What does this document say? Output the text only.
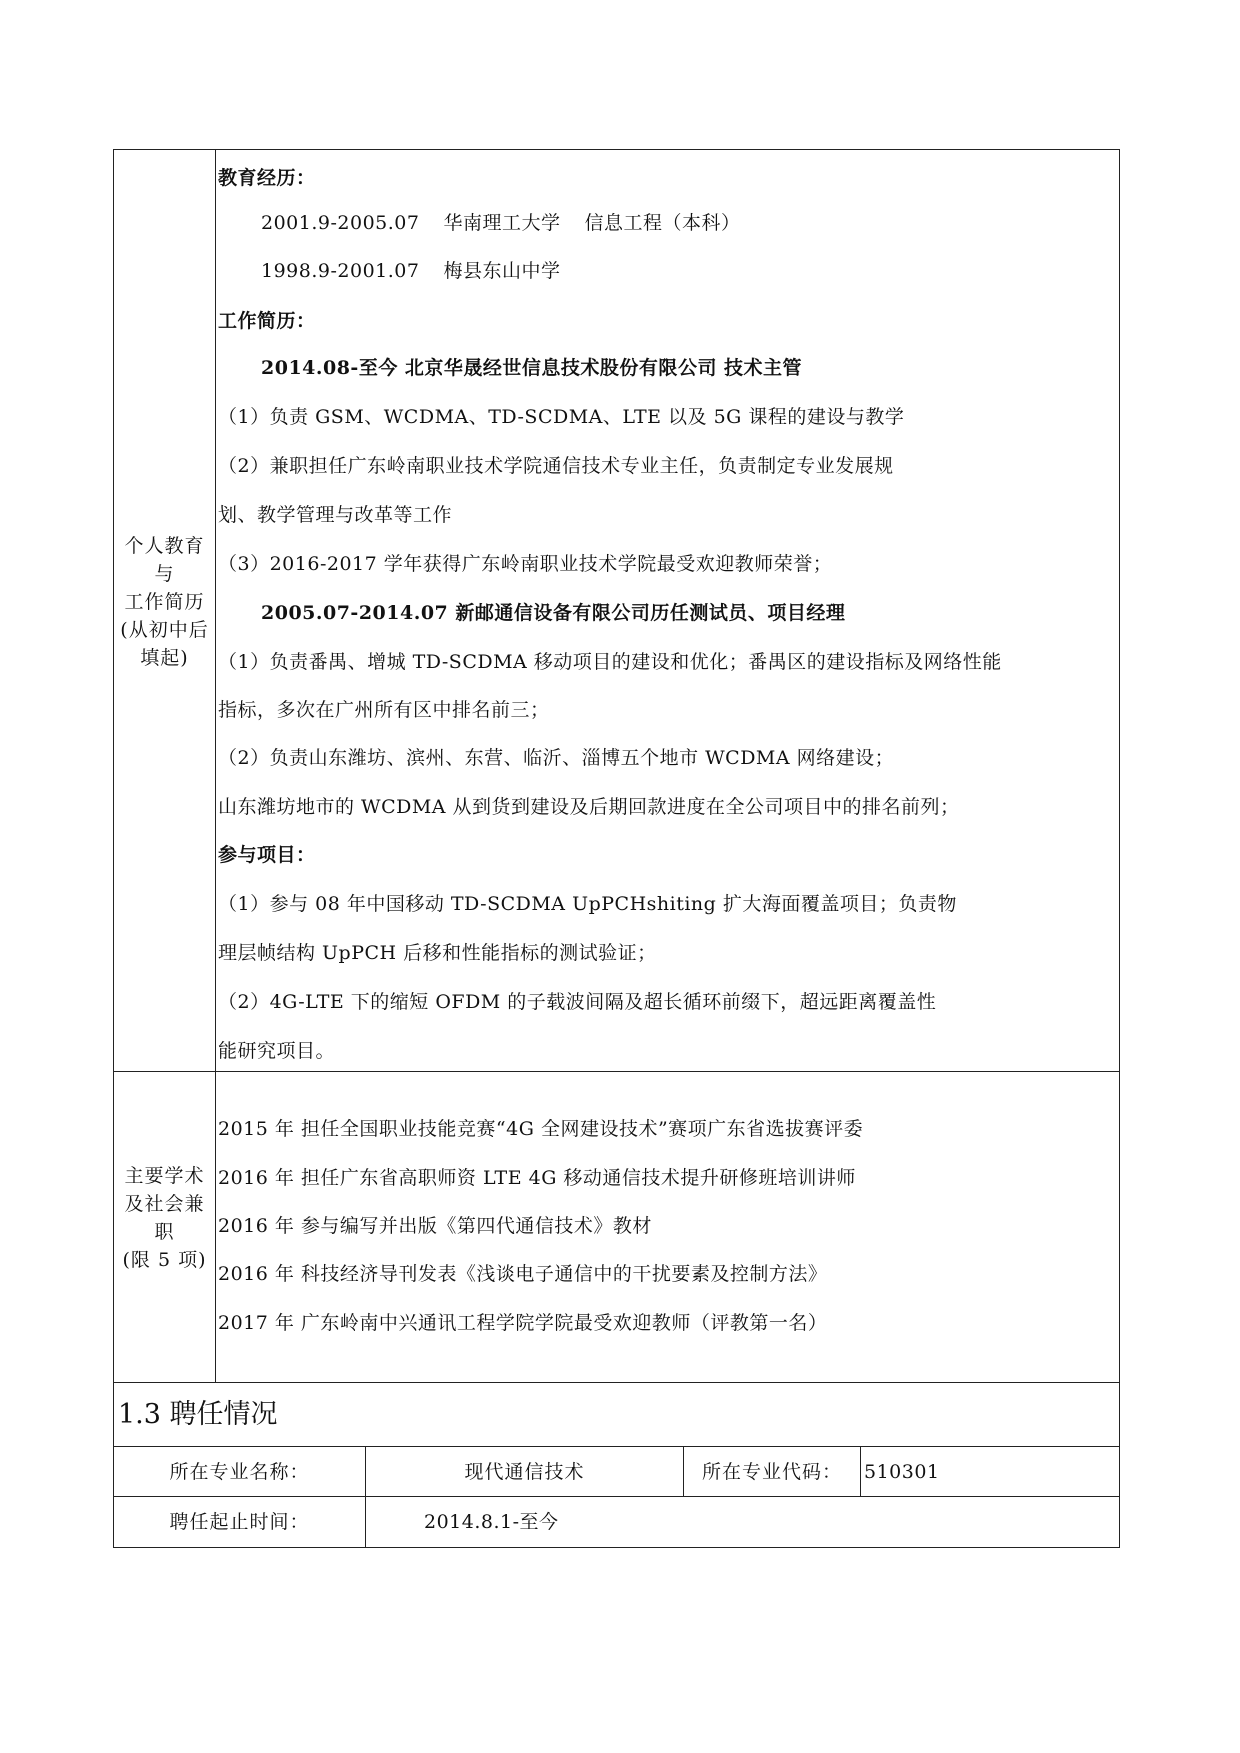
个人教育
与
工作简历
(从初中后
填起)
教育经历：
2001.9-2005.07 华南理工大学 信息工程（本科）
1998.9-2001.07 梅县东山中学
工作简历：
2014.08-至今 北京华晟经世信息技术股份有限公司 技术主管
（1）负责 GSM、WCDMA、TD-SCDMA、LTE 以及 5G 课程的建设与教学
（2）兼职担任广东岭南职业技术学院通信技术专业主任，负责制定专业发展规
划、教学管理与改革等工作
（3）2016-2017 学年获得广东岭南职业技术学院最受欢迎教师荣誉；
2005.07-2014.07 新邮通信设备有限公司历任测试员、项目经理
（1）负责番禺、增城 TD-SCDMA 移动项目的建设和优化；番禺区的建设指标及网络性能
指标，多次在广州所有区中排名前三；
（2）负责山东潍坊、滨州、东营、临沂、淄博五个地市 WCDMA 网络建设；
山东潍坊地市的 WCDMA 从到货到建设及后期回款进度在全公司项目中的排名前列；
参与项目：
（1）参与 08 年中国移动 TD-SCDMA UpPCHshiting 扩大海面覆盖项目；负责物
理层帧结构 UpPCH 后移和性能指标的测试验证；
（2）4G-LTE 下的缩短 OFDM 的子载波间隔及超长循环前缀下，超远距离覆盖性
能研究项目。
主要学术
及社会兼
职
(限 5 项)
2015 年 担任全国职业技能竞赛“4G 全网建设技术”赛项广东省选拔赛评委
2016 年 担任广东省高职师资 LTE 4G 移动通信技术提升研修班培训讲师
2016 年 参与编写并出版《第四代通信技术》教材
2016 年 科技经济导刊发表《浅谈电子通信中的干扰要素及控制方法》
2017 年 广东岭南中兴通讯工程学院学院最受欢迎教师（评教第一名）
1.3 聘任情况
所在专业名称：	现代通信技术	所在专业代码：	510301
聘任起止时间：	2014.8.1-至今
